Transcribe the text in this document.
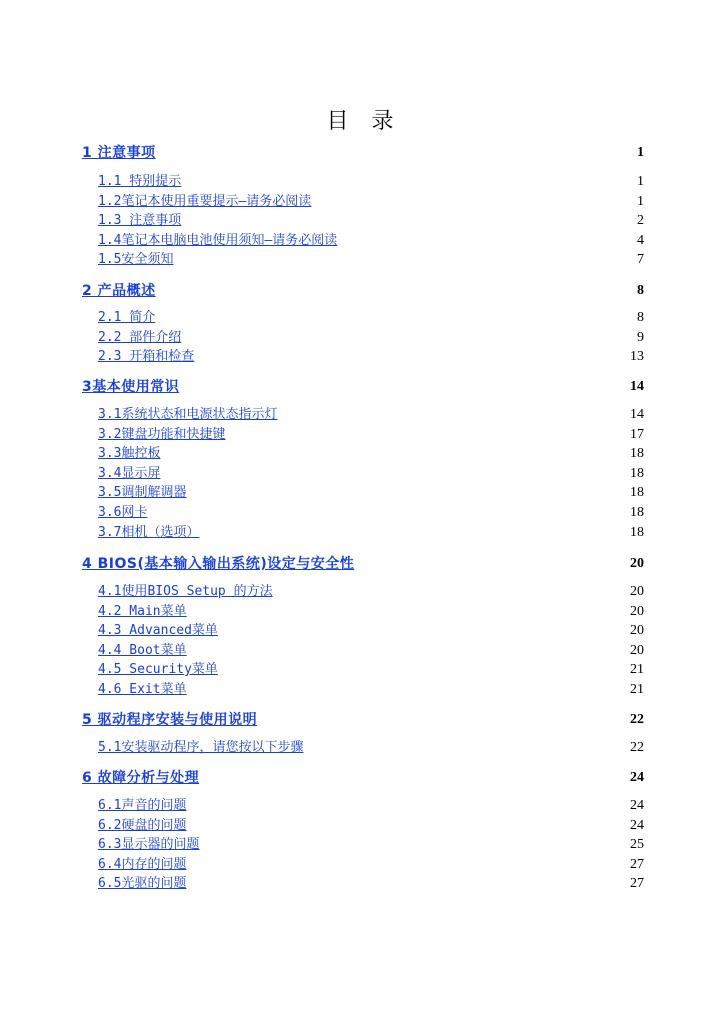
目 录
1 注意事项	1
1.1 特别提示	1
1.2笔记本使用重要提示—请务必阅读	1
1.3 注意事项	2
1.4笔记本电脑电池使用须知—请务必阅读	4
1.5安全须知	7
2 产品概述	8
2.1 简介	8
2.2 部件介绍	9
2.3 开箱和检查	13
3基本使用常识	14
3.1系统状态和电源状态指示灯	14
3.2键盘功能和快捷键	17
3.3触控板	18
3.4显示屏	18
3.5调制解调器	18
3.6网卡	18
3.7相机（选项）	18
4 BIOS(基本输入输出系统)设定与安全性	20
4.1使用BIOS Setup 的方法	20
4.2 Main菜单	20
4.3 Advanced菜单	20
4.4 Boot菜单	20
4.5 Security菜单	21
4.6 Exit菜单	21
5 驱动程序安装与使用说明	22
5.1安装驱动程序，请您按以下步骤	22
6 故障分析与处理	24
6.1声音的问题	24
6.2硬盘的问题	24
6.3显示器的问题	25
6.4内存的问题	27
6.5光驱的问题	27
